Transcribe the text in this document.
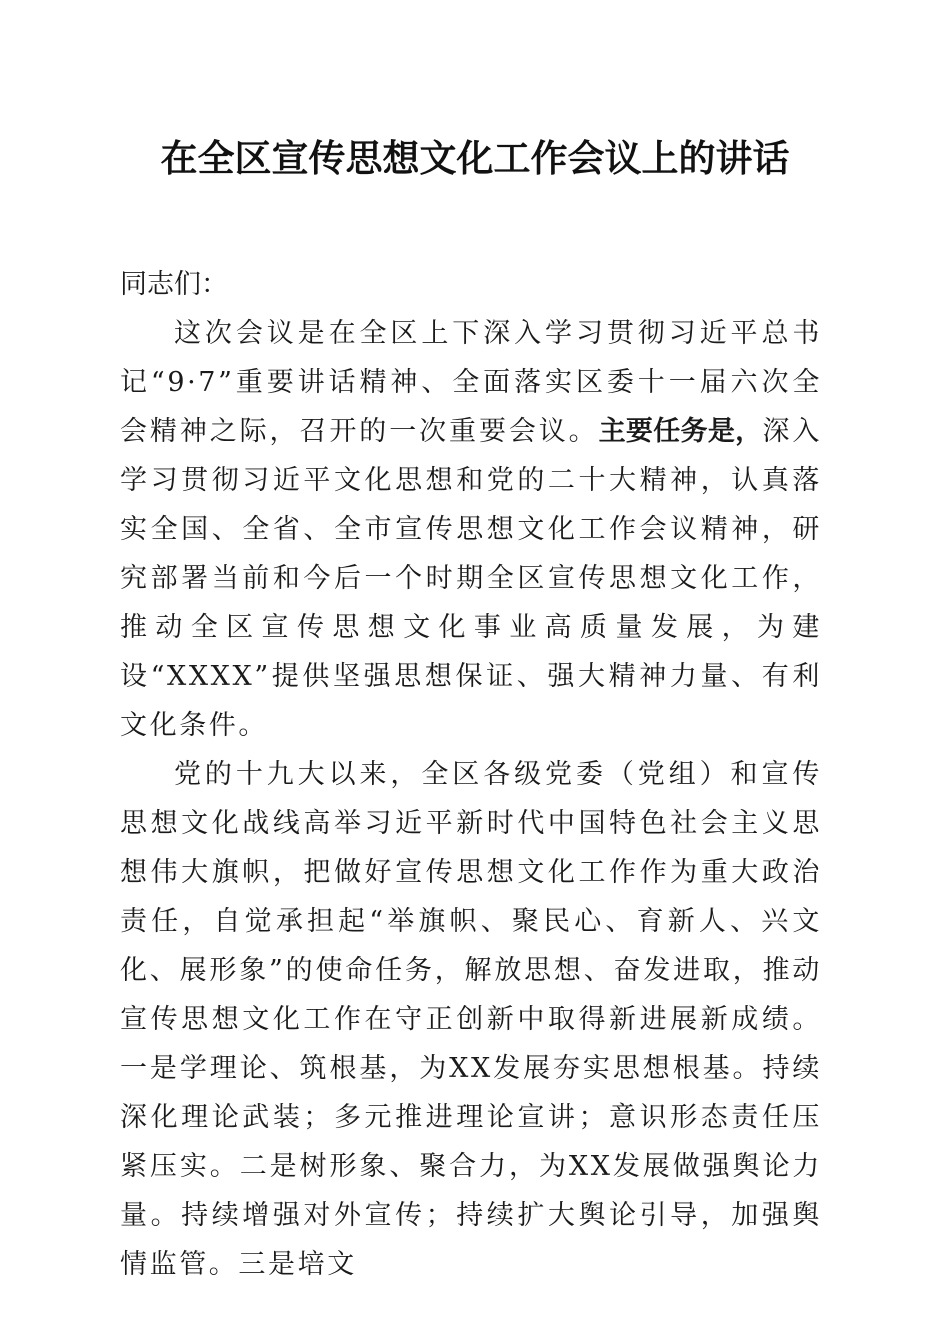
在全区宣传思想文化工作会议上的讲话

同志们：

这次会议是在全区上下深入学习贯彻习近平总书记“9·7”重要讲话精神、全面落实区委十一届六次全会精神之际，召开的一次重要会议。主要任务是，深入学习贯彻习近平文化思想和党的二十大精神，认真落实全国、全省、全市宣传思想文化工作会议精神，研究部署当前和今后一个时期全区宣传思想文化工作，推动全区宣传思想文化事业高质量发展，为建设“XXXX”提供坚强思想保证、强大精神力量、有利文化条件。

党的十九大以来，全区各级党委（党组）和宣传思想文化战线高举习近平新时代中国特色社会主义思想伟大旗帜，把做好宣传思想文化工作作为重大政治责任，自觉承担起“举旗帜、聚民心、育新人、兴文化、展形象”的使命任务，解放思想、奋发进取，推动宣传思想文化工作在守正创新中取得新进展新成绩。一是学理论、筑根基，为XX发展夯实思想根基。持续深化理论武装；多元推进理论宣讲；意识形态责任压紧压实。二是树形象、聚合力，为XX发展做强舆论力量。持续增强对外宣传；持续扩大舆论引导，加强舆情监管。三是培文
